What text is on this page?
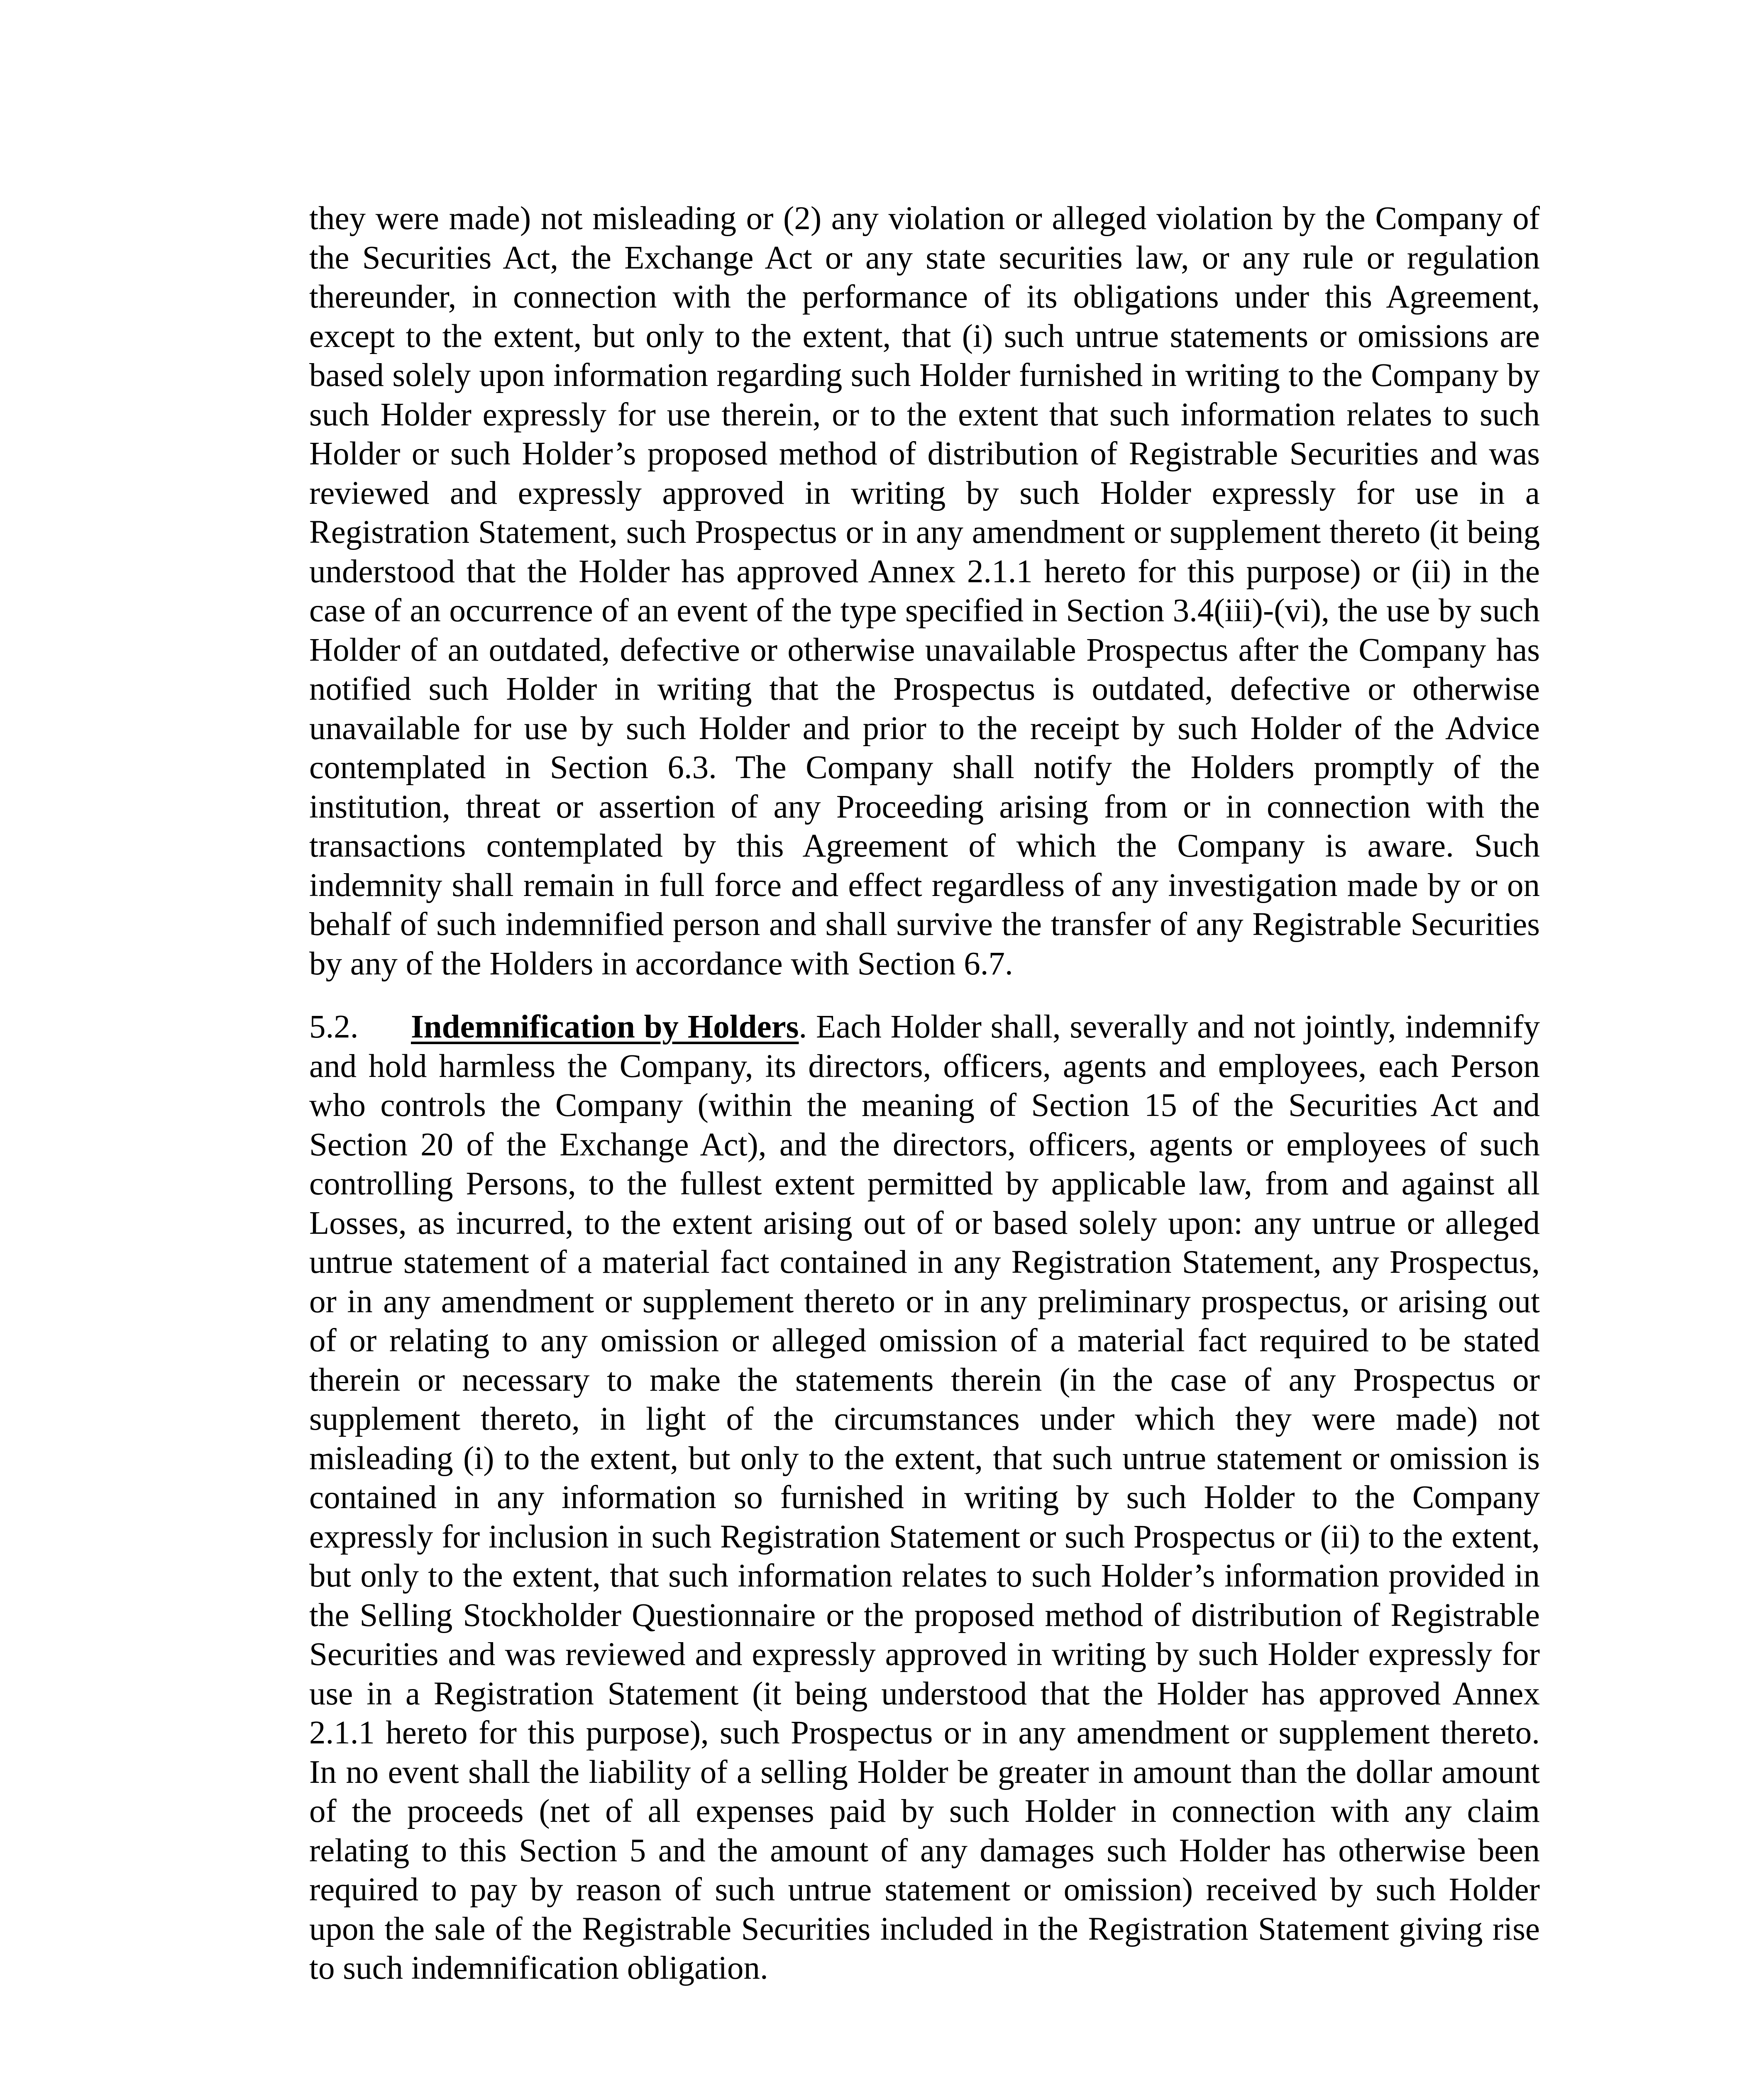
they were made) not misleading or (2) any violation or alleged violation by the Company of the Securities Act, the Exchange Act or any state securities law, or any rule or regulation thereunder, in connection with the performance of its obligations under this Agreement, except to the extent, but only to the extent, that (i) such untrue statements or omissions are based solely upon information regarding such Holder furnished in writing to the Company by such Holder expressly for use therein, or to the extent that such information relates to such Holder or such Holder’s proposed method of distribution of Registrable Securities and was reviewed and expressly approved in writing by such Holder expressly for use in a Registration Statement, such Prospectus or in any amendment or supplement thereto (it being understood that the Holder has approved Annex 2.1.1 hereto for this purpose) or (ii) in the case of an occurrence of an event of the type specified in Section 3.4(iii)-(vi), the use by such Holder of an outdated, defective or otherwise unavailable Prospectus after the Company has notified such Holder in writing that the Prospectus is outdated, defective or otherwise unavailable for use by such Holder and prior to the receipt by such Holder of the Advice contemplated in Section 6.3. The Company shall notify the Holders promptly of the institution, threat or assertion of any Proceeding arising from or in connection with the transactions contemplated by this Agreement of which the Company is aware. Such indemnity shall remain in full force and effect regardless of any investigation made by or on behalf of such indemnified person and shall survive the transfer of any Registrable Securities by any of the Holders in accordance with Section 6.7.

5.2. Indemnification by Holders. Each Holder shall, severally and not jointly, indemnify and hold harmless the Company, its directors, officers, agents and employees, each Person who controls the Company (within the meaning of Section 15 of the Securities Act and Section 20 of the Exchange Act), and the directors, officers, agents or employees of such controlling Persons, to the fullest extent permitted by applicable law, from and against all Losses, as incurred, to the extent arising out of or based solely upon: any untrue or alleged untrue statement of a material fact contained in any Registration Statement, any Prospectus, or in any amendment or supplement thereto or in any preliminary prospectus, or arising out of or relating to any omission or alleged omission of a material fact required to be stated therein or necessary to make the statements therein (in the case of any Prospectus or supplement thereto, in light of the circumstances under which they were made) not misleading (i) to the extent, but only to the extent, that such untrue statement or omission is contained in any information so furnished in writing by such Holder to the Company expressly for inclusion in such Registration Statement or such Prospectus or (ii) to the extent, but only to the extent, that such information relates to such Holder’s information provided in the Selling Stockholder Questionnaire or the proposed method of distribution of Registrable Securities and was reviewed and expressly approved in writing by such Holder expressly for use in a Registration Statement (it being understood that the Holder has approved Annex 2.1.1 hereto for this purpose), such Prospectus or in any amendment or supplement thereto. In no event shall the liability of a selling Holder be greater in amount than the dollar amount of the proceeds (net of all expenses paid by such Holder in connection with any claim relating to this Section 5 and the amount of any damages such Holder has otherwise been required to pay by reason of such untrue statement or omission) received by such Holder upon the sale of the Registrable Securities included in the Registration Statement giving rise to such indemnification obligation.
